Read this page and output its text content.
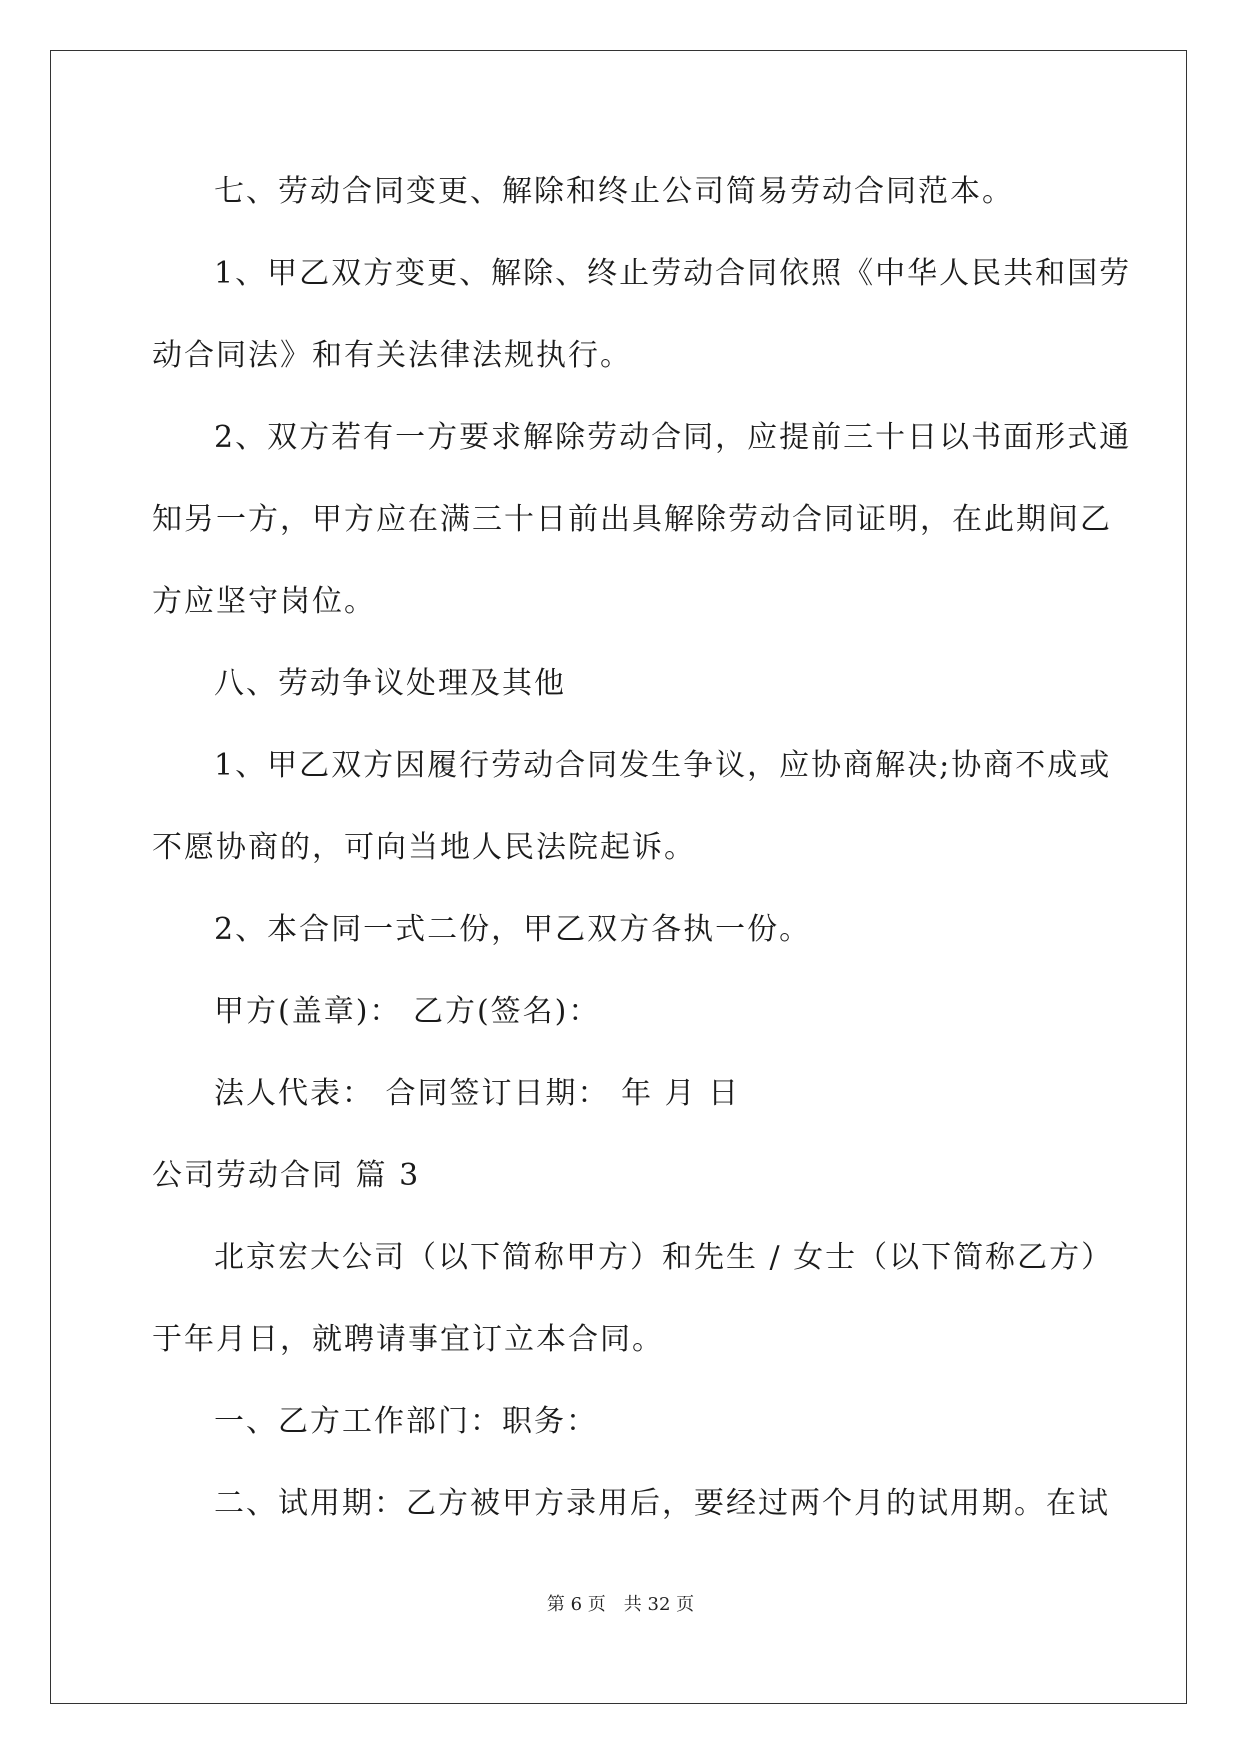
七、劳动合同变更、解除和终止公司简易劳动合同范本。
1、甲乙双方变更、解除、终止劳动合同依照《中华人民共和国劳
动合同法》和有关法律法规执行。
2、双方若有一方要求解除劳动合同，应提前三十日以书面形式通
知另一方，甲方应在满三十日前出具解除劳动合同证明，在此期间乙
方应坚守岗位。
八、劳动争议处理及其他
1、甲乙双方因履行劳动合同发生争议，应协商解决;协商不成或
不愿协商的，可向当地人民法院起诉。
2、本合同一式二份，甲乙双方各执一份。
甲方(盖章)： 乙方(签名)：
法人代表： 合同签订日期： 年 月 日
公司劳动合同 篇 3
北京宏大公司（以下简称甲方）和先生 / 女士（以下简称乙方）
于年月日，就聘请事宜订立本合同。
一、乙方工作部门：职务：
二、试用期：乙方被甲方录用后，要经过两个月的试用期。在试
第 6 页 共 32 页
